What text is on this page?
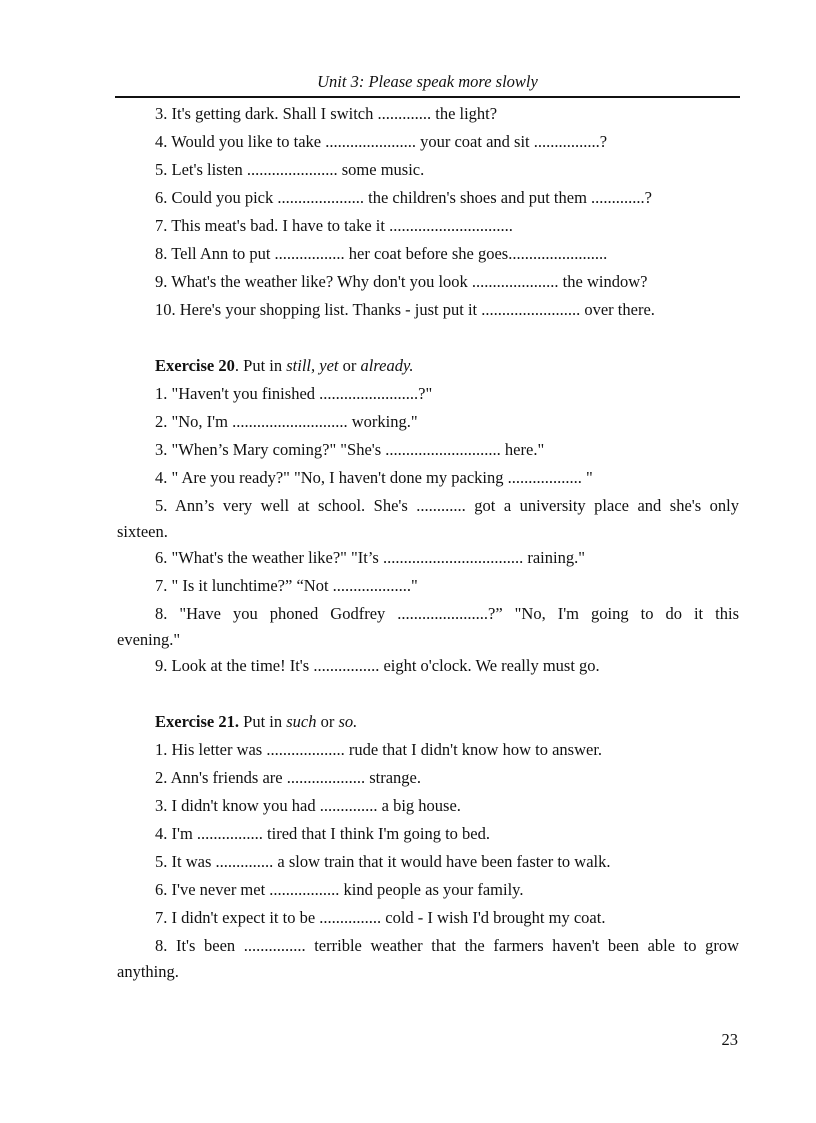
Unit 3: Please speak more slowly
3. It's getting dark. Shall I switch ............. the light?
4. Would you like to take ...................... your coat and sit ................?
5. Let's listen ...................... some music.
6. Could you pick ..................... the children's shoes and put them .............?
7. This meat's bad. I have to take it ..............................
8. Tell Ann to put ................. her coat before she goes........................
9. What's the weather like? Why don't you look ..................... the window?
10. Here's your shopping list. Thanks - just put it ........................ over there.
Exercise 20. Put in still, yet or already.
1. "Haven't you finished ........................?"
2. "No, I'm ............................ working."
3. "When’s Mary coming?" "She's ............................ here."
4. " Are you ready?" "No, I haven't done my packing .................. "
5. Ann’s very well at school. She's ............ got a university place and she's only
sixteen.
6. "What's the weather like?" "It’s .................................. raining."
7. " Is it lunchtime?” “Not ..................."
8. "Have you phoned Godfrey ......................?” "No, I'm going to do it this
evening."
9. Look at the time! It's ................ eight o'clock. We really must go.
Exercise 21. Put in such or so.
1. His letter was ................... rude that I didn't know how to answer.
2. Ann's friends are ................... strange.
3. I didn't know you had .............. a big house.
4. I'm ................ tired that I think I'm going to bed.
5. It was .............. a slow train that it would have been faster to walk.
6. I've never met ................. kind people as your family.
7. I didn't expect it to be ............... cold - I wish I'd brought my coat.
8. It's been ............... terrible weather that the farmers haven't been able to grow
anything.
23
